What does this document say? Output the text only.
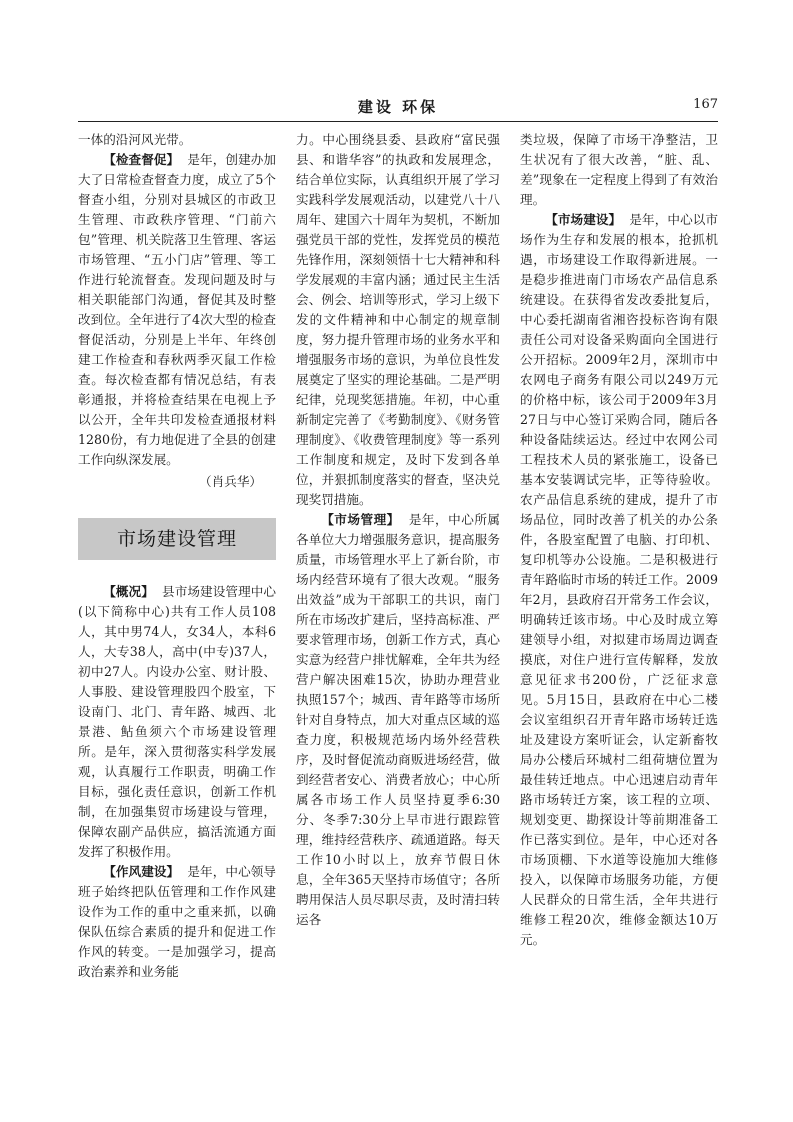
建设 环保	167

一体的沿河风光带。

【检查督促】 是年，创建办加大了日常检查督查力度，成立了5个督查小组，分别对县城区的市政卫生管理、市政秩序管理、“门前六包”管理、机关院落卫生管理、客运市场管理、“五小门店”管理、等工作进行轮流督查。发现问题及时与相关职能部门沟通，督促其及时整改到位。全年进行了4次大型的检查督促活动，分别是上半年、年终创建工作检查和春秋两季灭鼠工作检查。每次检查都有情况总结，有表彰通报，并将检查结果在电视上予以公开，全年共印发检查通报材料1280份，有力地促进了全县的创建工作向纵深发展。

（肖兵华）
市场建设管理

【概况】 县市场建设管理中心(以下简称中心)共有工作人员108人，其中男74人，女34人，本科6人，大专38人，高中(中专)37人，初中27人。内设办公室、财计股、人事股、建设管理股四个股室，下设南门、北门、青年路、城西、北景港、鲇鱼须六个市场建设管理所。是年，深入贯彻落实科学发展观，认真履行工作职责，明确工作目标，强化责任意识，创新工作机制，在加强集贸市场建设与管理，保障农副产品供应，搞活流通方面发挥了积极作用。

【作风建设】 是年，中心领导班子始终把队伍管理和工作作风建设作为工作的重中之重来抓，以确保队伍综合素质的提升和促进工作作风的转变。一是加强学习，提高政治素养和业务能

力。中心围绕县委、县政府“富民强县、和谐华容”的执政和发展理念，结合单位实际，认真组织开展了学习实践科学发展观活动，以建党八十八周年、建国六十周年为契机，不断加强党员干部的党性，发挥党员的模范先锋作用，深刻领悟十七大精神和科学发展观的丰富内涵；通过民主生活会、例会、培训等形式，学习上级下发的文件精神和中心制定的规章制度，努力提升管理市场的业务水平和增强服务市场的意识，为单位良性发展奠定了坚实的理论基础。二是严明纪律，兑现奖惩措施。年初，中心重新制定完善了《考勤制度》、《财务管理制度》、《收费管理制度》等一系列工作制度和规定，及时下发到各单位，并狠抓制度落实的督查，坚决兑现奖罚措施。

【市场管理】 是年，中心所属各单位大力增强服务意识，提高服务质量，市场管理水平上了新台阶，市场内经营环境有了很大改观。“服务出效益”成为干部职工的共识，南门所在市场改扩建后，坚持高标准、严要求管理市场，创新工作方式，真心实意为经营户排忧解难，全年共为经营户解决困难15次，协助办理营业执照157个；城西、青年路等市场所针对自身特点，加大对重点区域的巡查力度，积极规范场内场外经营秩序，及时督促流动商贩进场经营，做到经营者安心、消费者放心；中心所属各市场工作人员坚持夏季6:30分、冬季7:30分上早市进行跟踪管理，维持经营秩序、疏通道路。每天工作10小时以上，放弃节假日休息，全年365天坚持市场值守；各所聘用保洁人员尽职尽责，及时清扫转运各

类垃圾，保障了市场干净整洁，卫生状况有了很大改善，“脏、乱、差”现象在一定程度上得到了有效治理。

【市场建设】 是年，中心以市场作为生存和发展的根本，抢抓机遇，市场建设工作取得新进展。一是稳步推进南门市场农产品信息系统建设。在获得省发改委批复后，中心委托湖南省湘咨投标咨询有限责任公司对设备采购面向全国进行公开招标。2009年2月，深圳市中农网电子商务有限公司以249万元的价格中标，该公司于2009年3月27日与中心签订采购合同，随后各种设备陆续运达。经过中农网公司工程技术人员的紧张施工，设备已基本安装调试完毕，正等待验收。农产品信息系统的建成，提升了市场品位，同时改善了机关的办公条件，各股室配置了电脑、打印机、复印机等办公设施。二是积极进行青年路临时市场的转迁工作。2009年2月，县政府召开常务工作会议，明确转迁该市场。中心及时成立筹建领导小组，对拟建市场周边调查摸底，对住户进行宣传解释，发放意见征求书200份，广泛征求意见。5月15日，县政府在中心二楼会议室组织召开青年路市场转迁选址及建设方案听证会，认定新畜牧局办公楼后环城村二组荷塘位置为最佳转迁地点。中心迅速启动青年路市场转迁方案，该工程的立项、规划变更、勘探设计等前期准备工作已落实到位。是年，中心还对各市场顶棚、下水道等设施加大维修投入，以保障市场服务功能，方便人民群众的日常生活，全年共进行维修工程20次，维修金额达10万元。
